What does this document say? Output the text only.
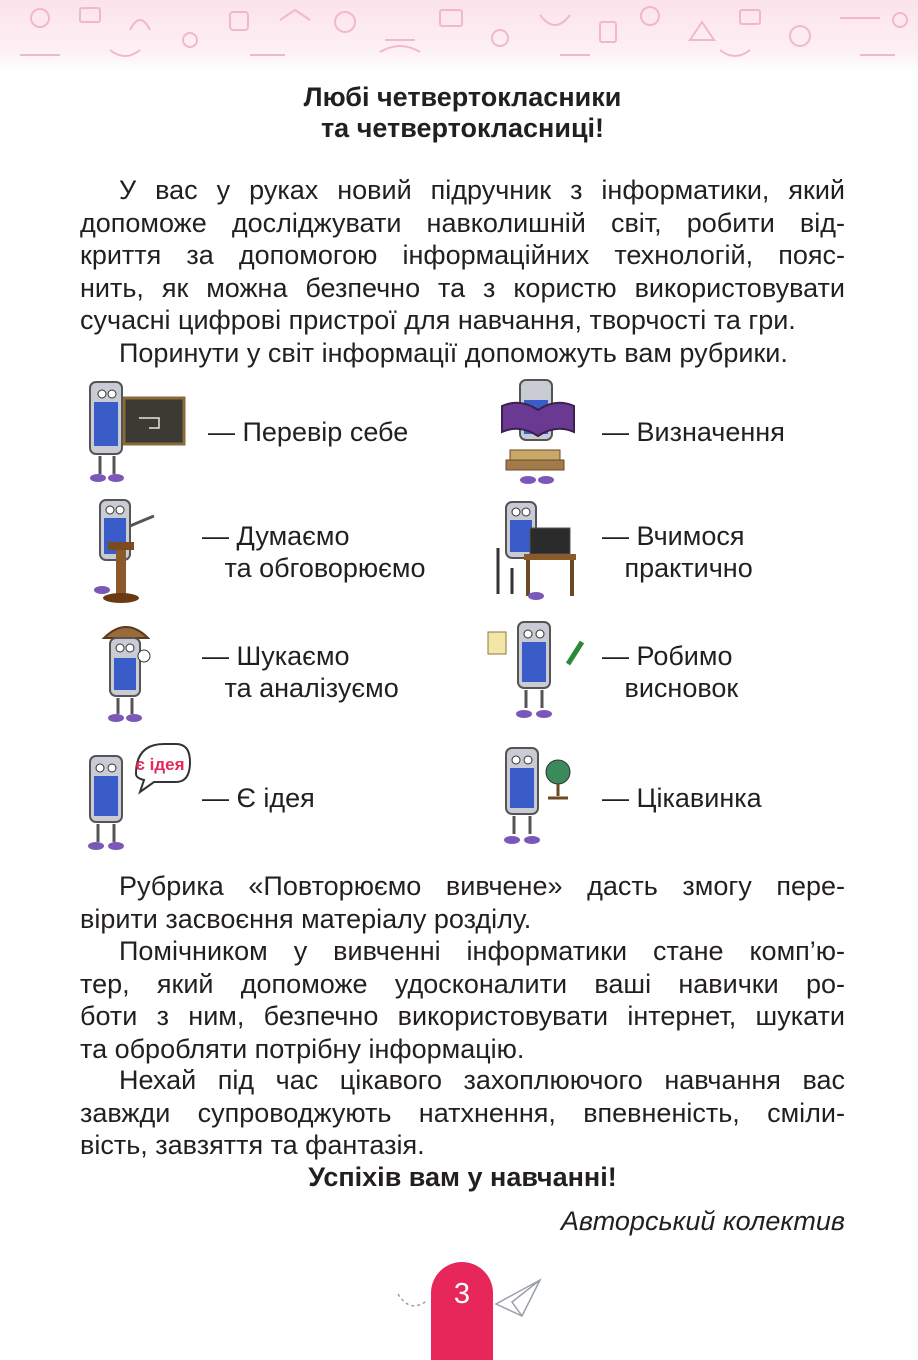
Любі четвертокласники
та четвертокласниці!
У вас у руках новий підручник з інформатики, який
допоможе досліджувати навколишній світ, робити від-
криття за допомогою інформаційних технологій, пояс-
нить, як можна безпечно та з користю використовувати
сучасні цифрові пристрої для навчання, творчості та гри.
Поринути у світ інформації допоможуть вам рубрики.
— Перевір себе	— Визначення
— Думаємо
та обговорюємо
— Вчимося
практично
— Шукаємо
та аналізуємо
— Робимо
висновок
є ідея
— Є ідея	— Цікавинка
Рубрика «Повторюємо вивчене» дасть змогу пере-
вірити засвоєння матеріалу розділу.
Помічником у вивченні інформатики стане комп’ю-
тер, який допоможе удосконалити ваші навички ро-
боти з ним, безпечно використовувати інтернет, шукати
та обробляти потрібну інформацію.
Нехай під час цікавого захоплюючого навчання вас
завжди супроводжують натхнення, впевненість, сміли-
вість, завзяття та фантазія.
Успіхів вам у навчанні!
Авторський колектив
3
